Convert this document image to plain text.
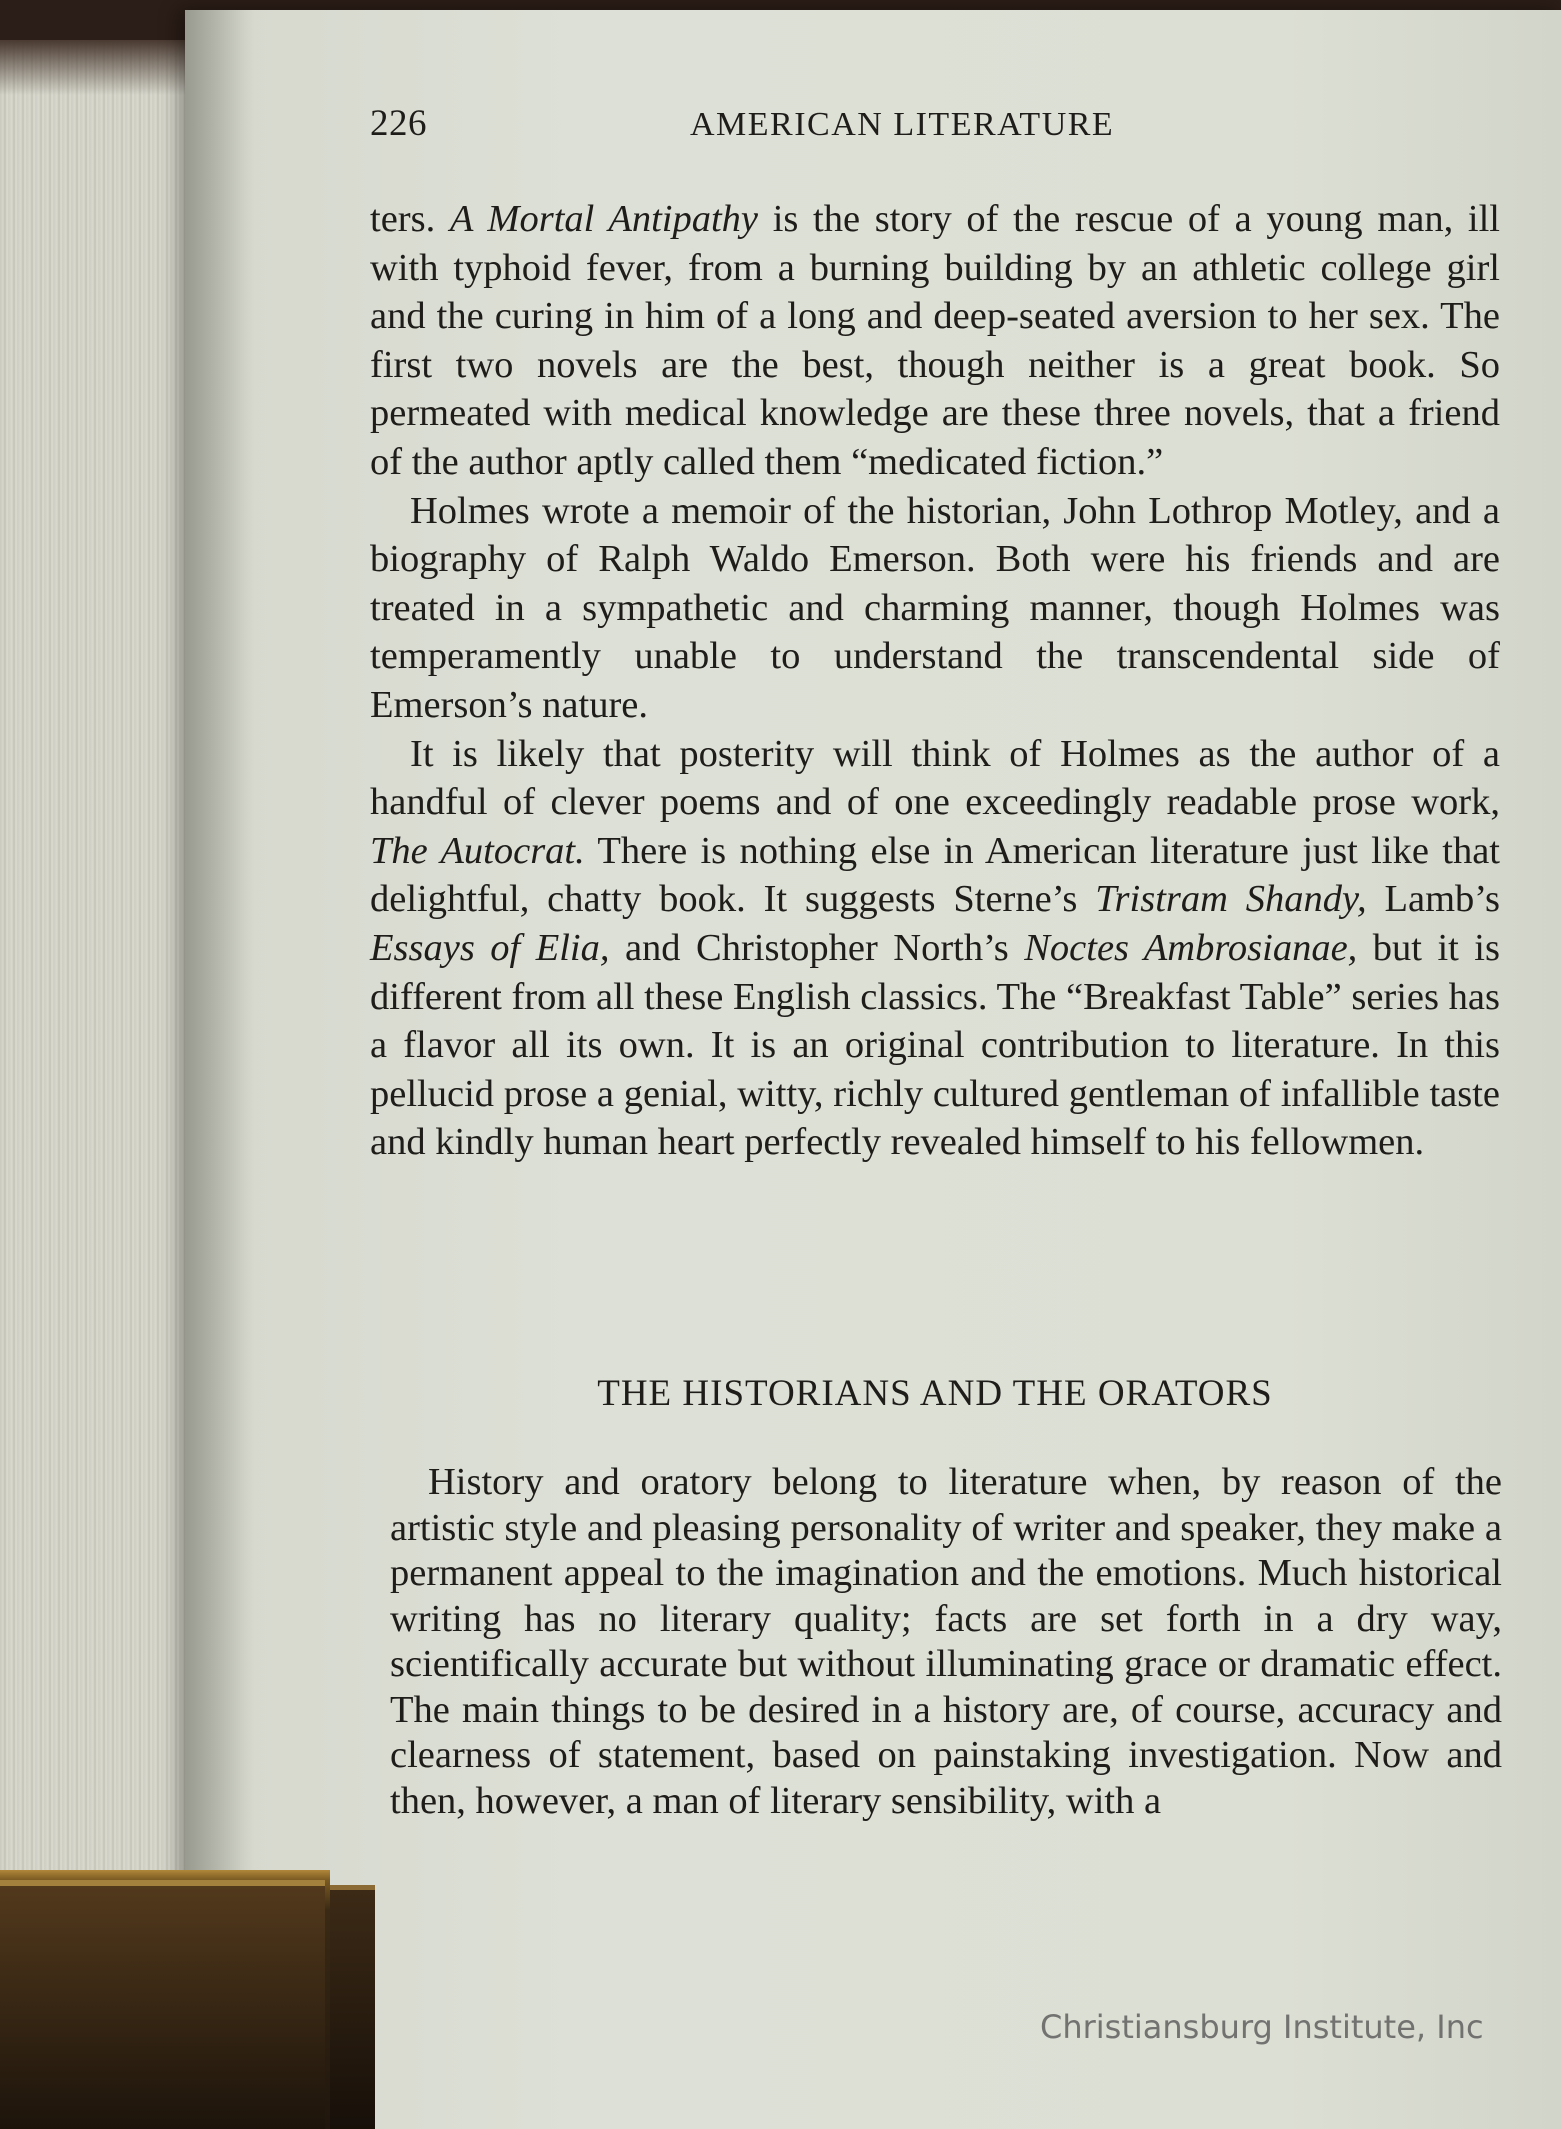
226	AMERICAN LITERATURE

ters. A Mortal Antipathy is the story of the rescue of a young man, ill with typhoid fever, from a burning building by an athletic college girl and the curing in him of a long and deep-seated aversion to her sex. The first two novels are the best, though neither is a great book. So permeated with medical knowledge are these three novels, that a friend of the author aptly called them “medicated fiction.”

Holmes wrote a memoir of the historian, John Lothrop Motley, and a biography of Ralph Waldo Emerson. Both were his friends and are treated in a sympathetic and charming manner, though Holmes was temperamently unable to understand the transcendental side of Emerson’s nature.

It is likely that posterity will think of Holmes as the author of a handful of clever poems and of one exceedingly readable prose work, The Autocrat. There is nothing else in American literature just like that delightful, chatty book. It suggests Sterne’s Tristram Shandy, Lamb’s Essays of Elia, and Christopher North’s Noctes Ambrosianae, but it is different from all these English classics. The “Breakfast Table” series has a flavor all its own. It is an original contribution to literature. In this pellucid prose a genial, witty, richly cultured gentleman of infallible taste and kindly human heart perfectly revealed himself to his fellowmen.

THE HISTORIANS AND THE ORATORS

History and oratory belong to literature when, by reason of the artistic style and pleasing personality of writer and speaker, they make a permanent appeal to the imagination and the emotions. Much historical writing has no literary quality; facts are set forth in a dry way, scientifically accurate but without illuminating grace or dramatic effect. The main things to be desired in a history are, of course, accuracy and clearness of statement, based on painstaking investigation. Now and then, however, a man of literary sensibility, with a

Christiansburg Institute, Inc
